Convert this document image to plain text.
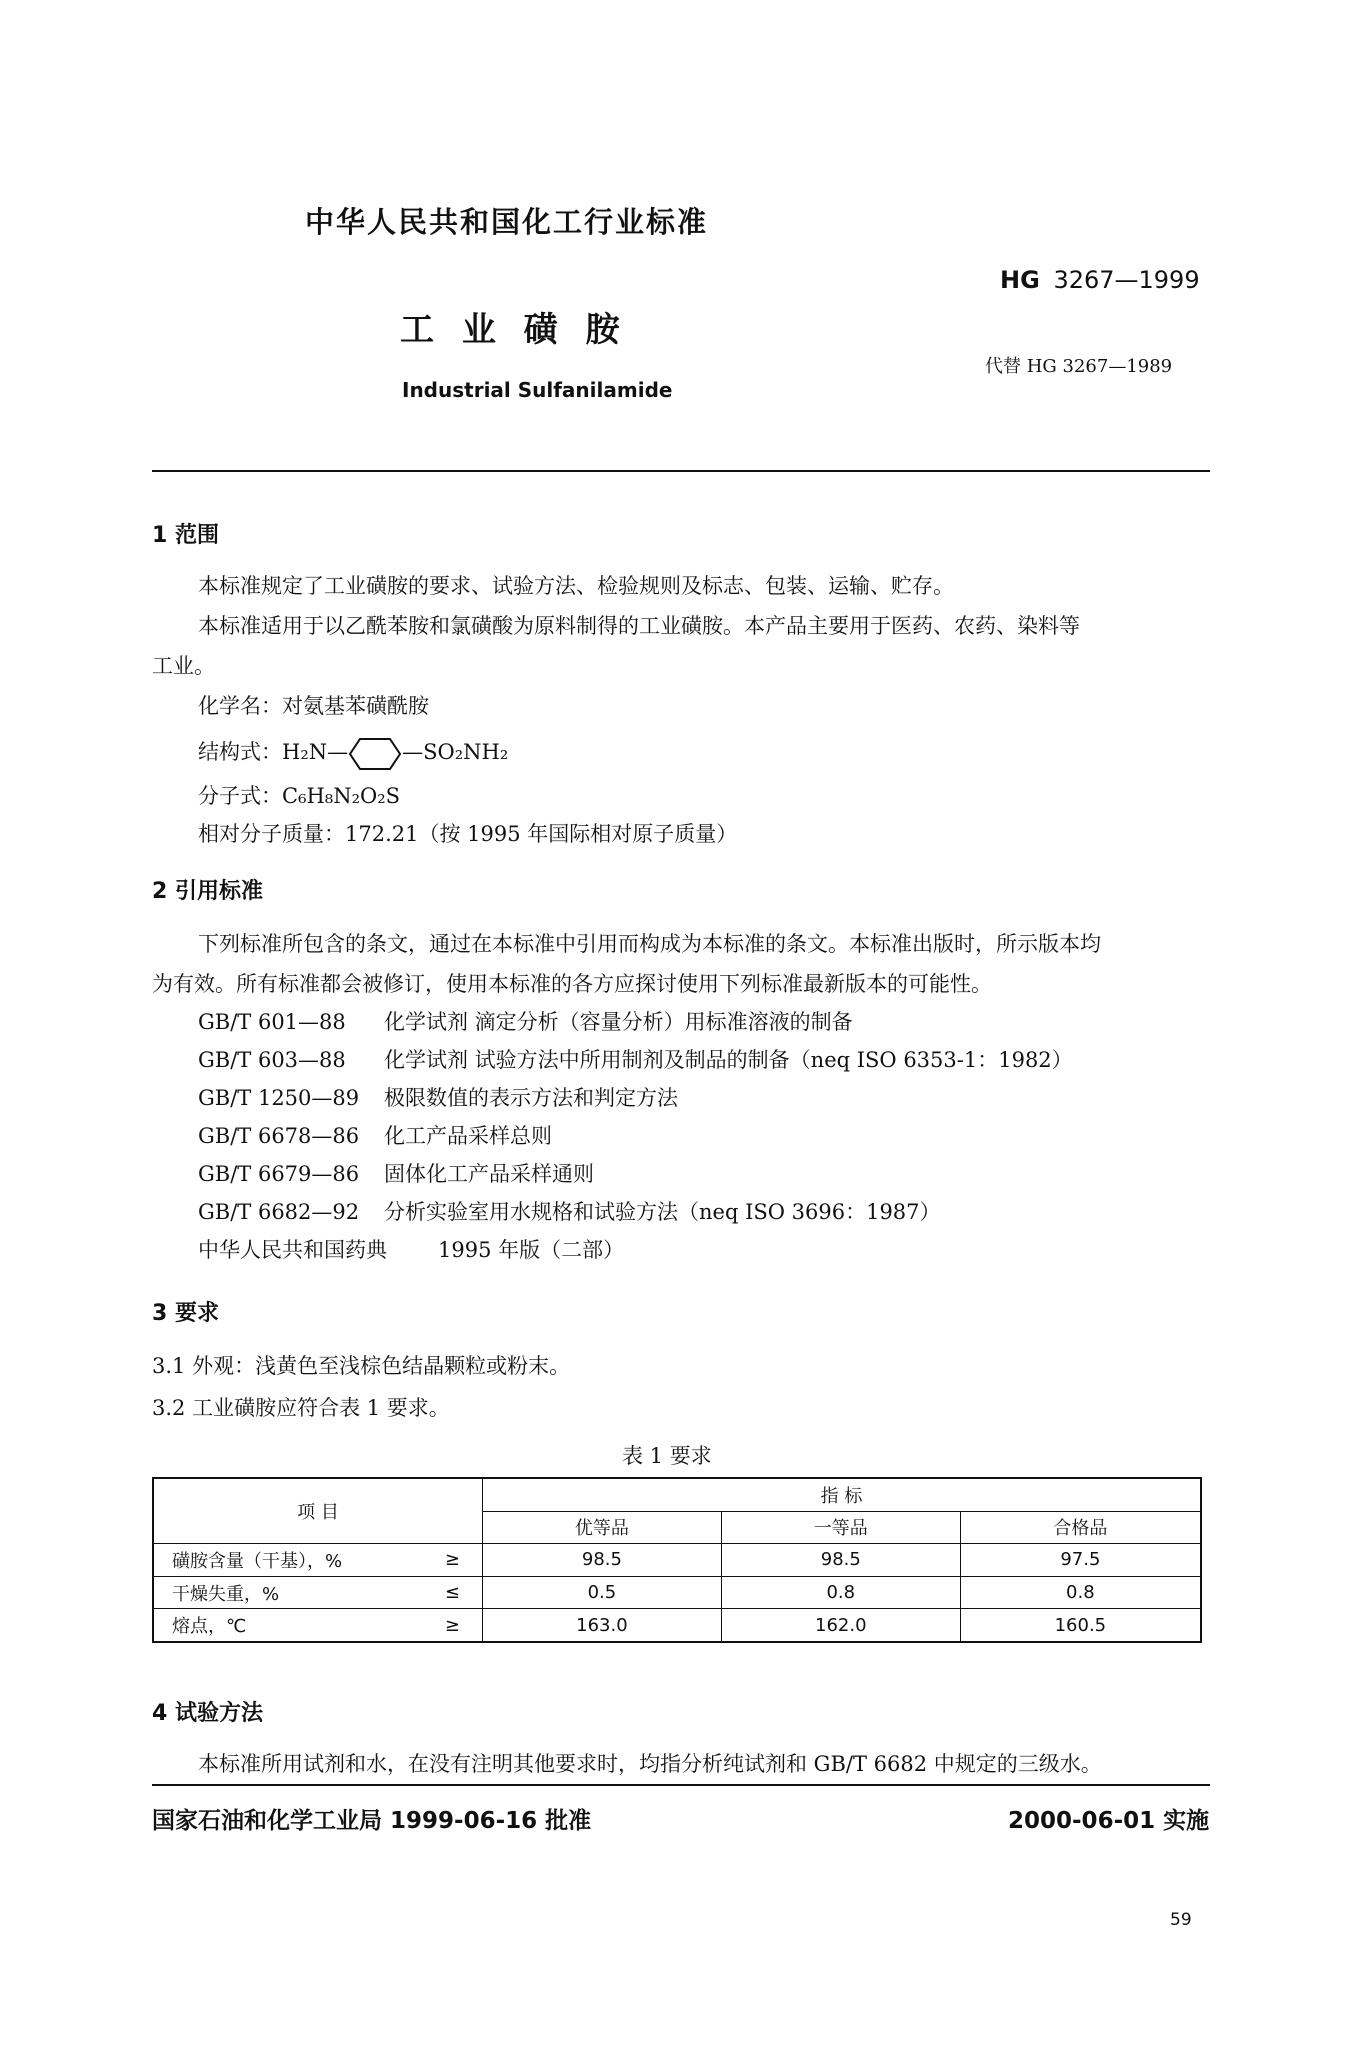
中华人民共和国化工行业标准
HG 3267—1999
工 业 磺 胺
代替 HG 3267—1989
Industrial Sulfanilamide
1 范围
本标准规定了工业磺胺的要求、试验方法、检验规则及标志、包装、运输、贮存。
本标准适用于以乙酰苯胺和氯磺酸为原料制得的工业磺胺。本产品主要用于医药、农药、染料等
工业。
化学名：对氨基苯磺酰胺
结构式：H₂N—	—SO₂NH₂
分子式：C₆H₈N₂O₂S
相对分子质量：172.21（按 1995 年国际相对原子质量）
2 引用标准
下列标准所包含的条文，通过在本标准中引用而构成为本标准的条文。本标准出版时，所示版本均
为有效。所有标准都会被修订，使用本标准的各方应探讨使用下列标准最新版本的可能性。
GB/T 601—88 化学试剂 滴定分析（容量分析）用标准溶液的制备
GB/T 603—88 化学试剂 试验方法中所用制剂及制品的制备（neq ISO 6353-1：1982）
GB/T 1250—89 极限数值的表示方法和判定方法
GB/T 6678—86 化工产品采样总则
GB/T 6679—86 固体化工产品采样通则
GB/T 6682—92 分析实验室用水规格和试验方法（neq ISO 3696：1987）
中华人民共和国药典 1995 年版（二部）
3 要求
3.1 外观：浅黄色至浅棕色结晶颗粒或粉末。
3.2 工业磺胺应符合表 1 要求。
表 1 要求
项 目		指 标		
		优等品	一等品	合格品
磺胺含量（干基），%	≥	98.5	98.5	97.5
干燥失重，%	≤	0.5	0.8	0.8
熔点，℃	≥	163.0	162.0	160.5
4 试验方法
本标准所用试剂和水，在没有注明其他要求时，均指分析纯试剂和 GB/T 6682 中规定的三级水。
国家石油和化学工业局 1999-06-16 批准	2000-06-01 实施
59
